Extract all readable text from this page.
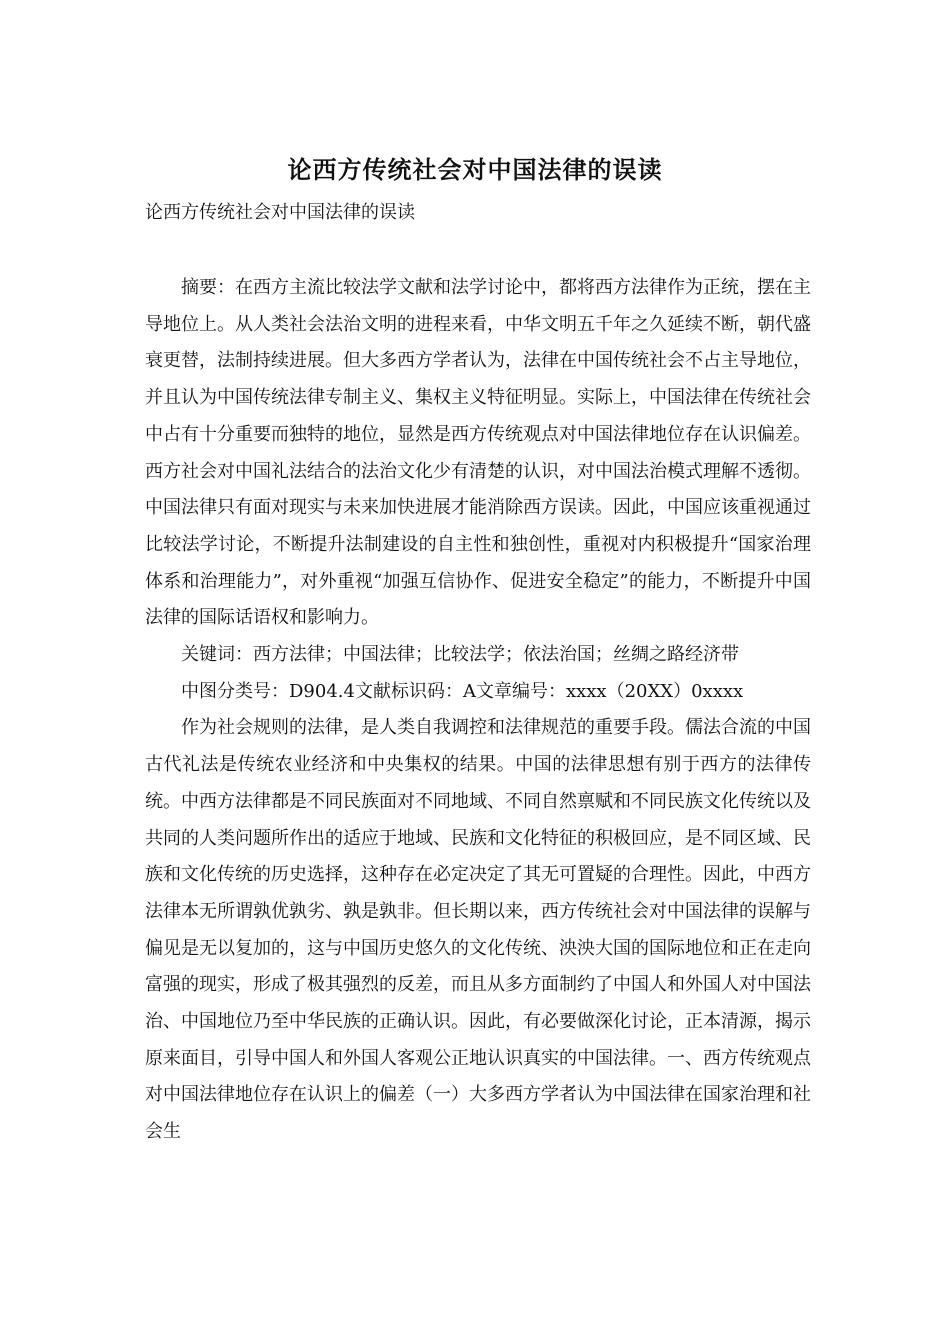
论西方传统社会对中国法律的误读
论西方传统社会对中国法律的误读

摘要：在西方主流比较法学文献和法学讨论中，都将西方法律作为正统，摆在主导地位上。从人类社会法治文明的进程来看，中华文明五千年之久延续不断，朝代盛衰更替，法制持续进展。但大多西方学者认为，法律在中国传统社会不占主导地位，并且认为中国传统法律专制主义、集权主义特征明显。实际上，中国法律在传统社会中占有十分重要而独特的地位，显然是西方传统观点对中国法律地位存在认识偏差。西方社会对中国礼法结合的法治文化少有清楚的认识，对中国法治模式理解不透彻。中国法律只有面对现实与未来加快进展才能消除西方误读。因此，中国应该重视通过比较法学讨论，不断提升法制建设的自主性和独创性，重视对内积极提升“国家治理体系和治理能力”，对外重视“加强互信协作、促进安全稳定”的能力，不断提升中国法律的国际话语权和影响力。

关键词：西方法律；中国法律；比较法学；依法治国；丝绸之路经济带

中图分类号：D904.4文献标识码：A文章编号：xxxx（20XX）0xxxx

作为社会规则的法律，是人类自我调控和法律规范的重要手段。儒法合流的中国古代礼法是传统农业经济和中央集权的结果。中国的法律思想有别于西方的法律传统。中西方法律都是不同民族面对不同地域、不同自然禀赋和不同民族文化传统以及共同的人类问题所作出的适应于地域、民族和文化特征的积极回应，是不同区域、民族和文化传统的历史选择，这种存在必定决定了其无可置疑的合理性。因此，中西方法律本无所谓孰优孰劣、孰是孰非。但长期以来，西方传统社会对中国法律的误解与偏见是无以复加的，这与中国历史悠久的文化传统、泱泱大国的国际地位和正在走向富强的现实，形成了极其强烈的反差，而且从多方面制约了中国人和外国人对中国法治、中国地位乃至中华民族的正确认识。因此，有必要做深化讨论，正本清源，揭示原来面目，引导中国人和外国人客观公正地认识真实的中国法律。一、西方传统观点对中国法律地位存在认识上的偏差（一）大多西方学者认为中国法律在国家治理和社会生
